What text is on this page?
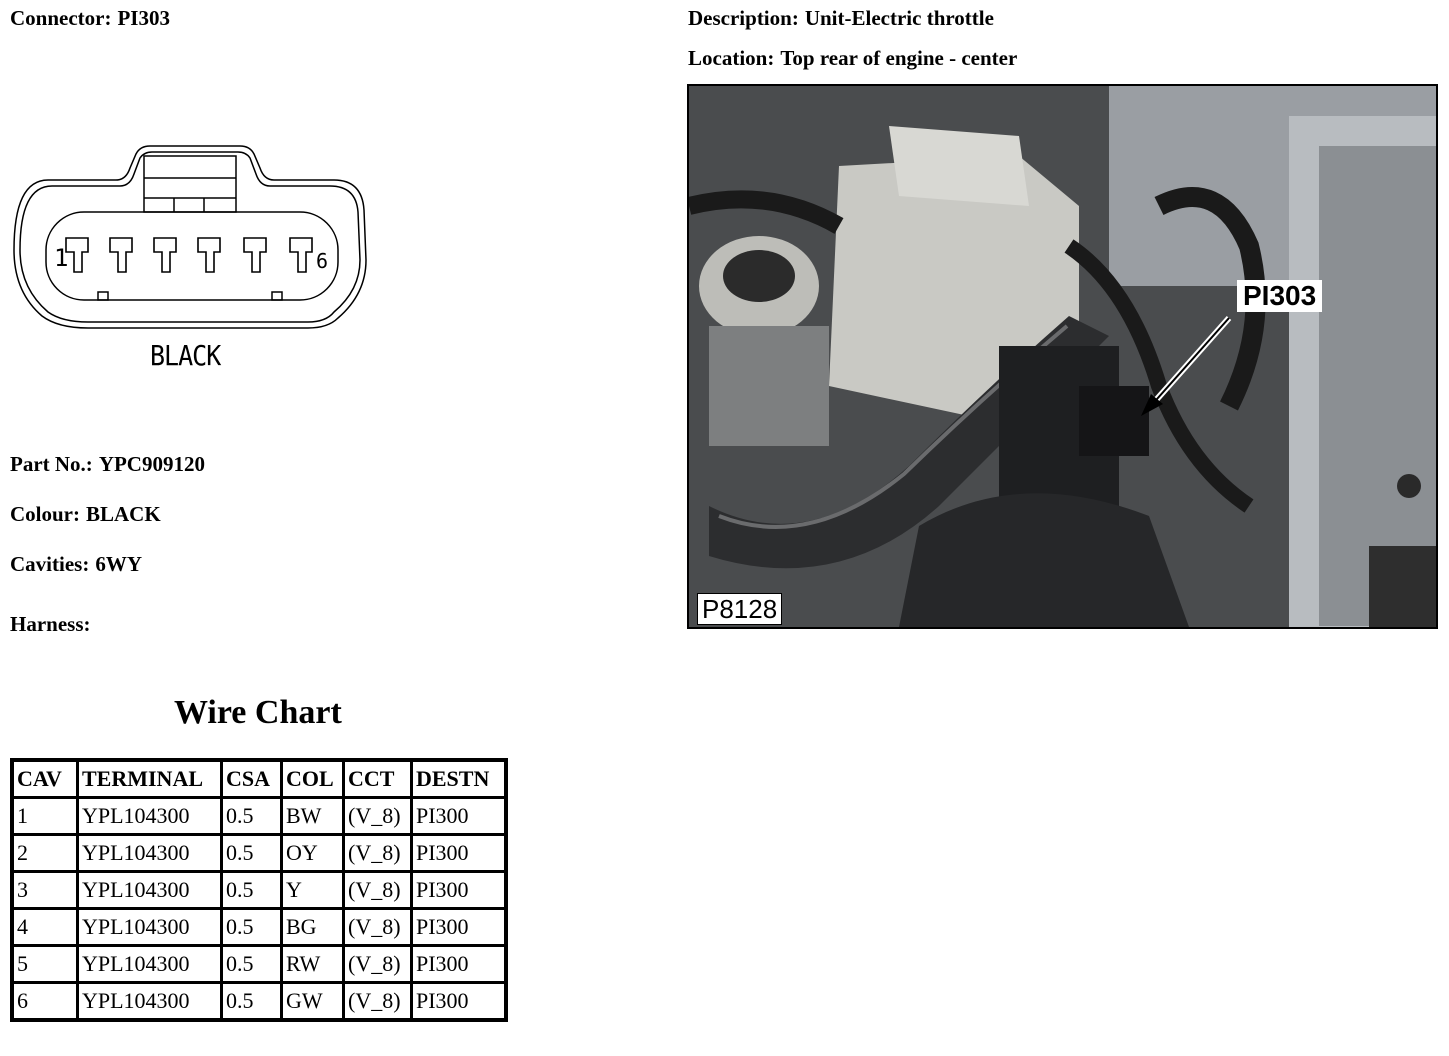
Connector: PI303	Description: Unit-Electric throttle
Location: Top rear of engine - center
1	6
BLACK
Part No.: YPC909120
Colour: BLACK
Cavities: 6WY
Harness:
PI303
P8128
Wire Chart
CAV	TERMINAL	CSA	COL	CCT	DESTN
1	YPL104300	0.5	BW	(V_8)	PI300
2	YPL104300	0.5	OY	(V_8)	PI300
3	YPL104300	0.5	Y	(V_8)	PI300
4	YPL104300	0.5	BG	(V_8)	PI300
5	YPL104300	0.5	RW	(V_8)	PI300
6	YPL104300	0.5	GW	(V_8)	PI300
